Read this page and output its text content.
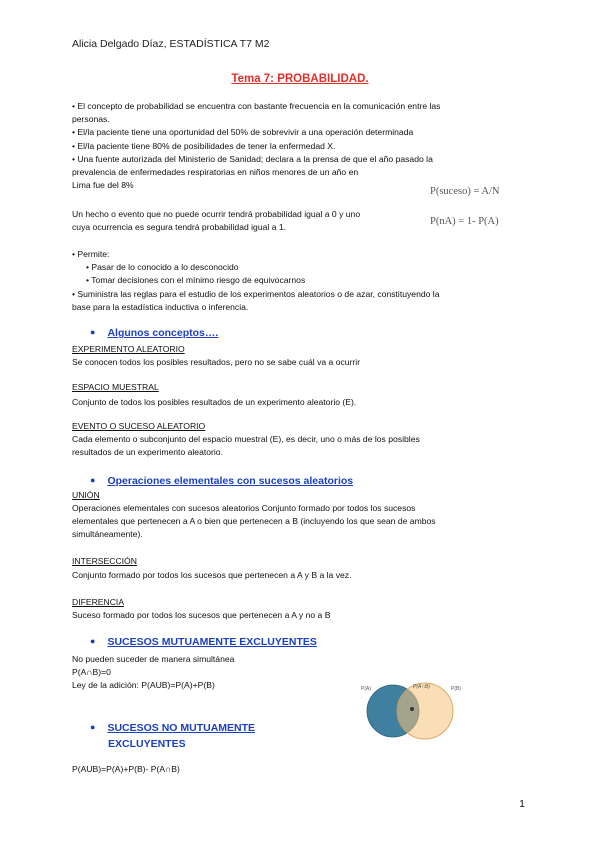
Alicia Delgado Díaz, ESTADÍSTICA T7 M2
Tema 7: PROBABILIDAD.

• El concepto de probabilidad se encuentra con bastante frecuencia en la comunicación entre las

personas.

• El/la paciente tiene una oportunidad del 50% de sobrevivir a una operación determinada

• El/la paciente tiene 80% de posibilidades de tener la enfermedad X.

• Una fuente autorizada del Ministerio de Sanidad; declara a la prensa de que el año pasado la

prevalencia de enfermedades respiratorias en niños menores de un año en

Lima fue del 8%

P(suceso) = A/N
P(nA) = 1- P(A)

Un hecho o evento que no puede ocurrir tendrá probabilidad igual a 0 y uno

cuya ocurrencia es segura tendrá probabilidad igual a 1.

• Permite:

• Pasar de lo conocido a lo desconocido

• Tomar decisiones con el mínimo riesgo de equivocarnos

• Suministra las reglas para el estudio de los experimentos aleatorios o de azar, constituyendo la

base para la estadística inductiva o inferencia.

● Algunos conceptos….
EXPERIMENTO ALEATORIO
Se conocen todos los posibles resultados, pero no se sabe cuál va a ocurrir
ESPACIO MUESTRAL
Conjunto de todos los posibles resultados de un experimento aleatorio (E).
EVENTO O SUCESO ALEATORIO

Cada elemento o subconjunto del espacio muestral (E), es decir, uno o más de los posibles

resultados de un experimento aleatorio.

● Operaciones elementales con sucesos aleatorios
UNIÓN

Operaciones elementales con sucesos aleatorios Conjunto formado por todos los sucesos

elementales que pertenecen a A o bien que pertenecen a B (incluyendo los que sean de ambos

simultáneamente).

INTERSECCIÓN
Conjunto formado por todos los sucesos que pertenecen a A y B a la vez.
DIFERENCIA
Suceso formado por todos los sucesos que pertenecen a A y no a B
● SUCESOS MUTUAMENTE EXCLUYENTES

No pueden suceder de manera simultánea

P(A∩B)=0

Ley de la adición: P(AUB)=P(A)+P(B)	P(A)	P(A∩B)	P(B)
● SUCESOS NO MUTUAMENTE
EXCLUYENTES
P(AUB)=P(A)+P(B)- P(A∩B)
1
